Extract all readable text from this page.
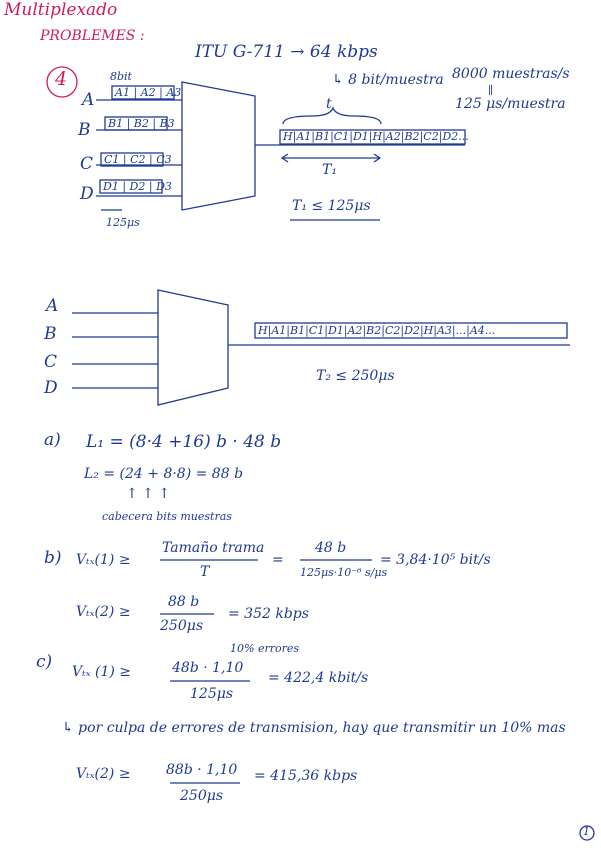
Multiplexado
PROBLEMES :
4
ITU G-711 → 64 kbps
↳ 8 bit/muestra 8000 muestras/s
∥
125 μs/muestra
8bit
A
B
C
D
A1 | A2 | A3
B1 | B2 | B3
C1 | C2 | C3
D1 | D2 | D3
125μs
t
H|A1|B1|C1|D1|H|A2|B2|C2|D2...
T₁
T₁ ≤ 125μs
A
B
C
D
H|A1|B1|C1|D1|A2|B2|C2|D2|H|A3|...|A4...
T₂ ≤ 250μs
a) L₁ = (8·4 +16) b · 48 b
L₂ = (24 + 8·8) = 88 b
↑ ↑ ↑
cabecera bits muestras
b) Vₜₓ(1) ≥
Tamaño trama
T
=
48 b
125μs·10⁻⁶ s/μs
= 3,84·10⁵ bit/s
Vₜₓ(2) ≥
88 b
250μs
= 352 kbps
c)
10% errores
Vₜₓ (1) ≥	48b · 1,10
125μs
= 422,4 kbit/s
↳ por culpa de errores de transmision, hay que transmitir un 10% mas
Vₜₓ(2) ≥	88b · 1,10
250μs
= 415,36 kbps
1
